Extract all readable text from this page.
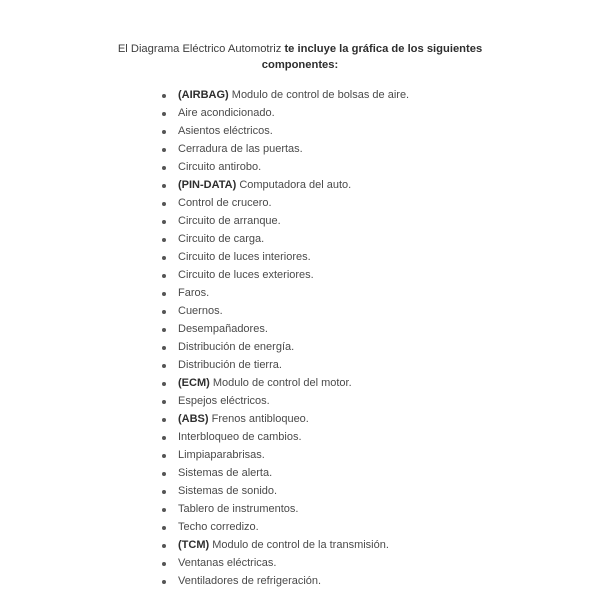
El Diagrama Eléctrico Automotriz te incluye la gráfica de los siguientes componentes:
(AIRBAG) Modulo de control de bolsas de aire.
Aire acondicionado.
Asientos eléctricos.
Cerradura de las puertas.
Circuito antirobo.
(PIN-DATA) Computadora del auto.
Control de crucero.
Circuito de arranque.
Circuito de carga.
Circuito de luces interiores.
Circuito de luces exteriores.
Faros.
Cuernos.
Desempañadores.
Distribución de energía.
Distribución de tierra.
(ECM) Modulo de control del motor.
Espejos eléctricos.
(ABS) Frenos antibloqueo.
Interbloqueo de cambios.
Limpiaparabrisas.
Sistemas de alerta.
Sistemas de sonido.
Tablero de instrumentos.
Techo corredizo.
(TCM) Modulo de control de la transmisión.
Ventanas eléctricas.
Ventiladores de refrigeración.
